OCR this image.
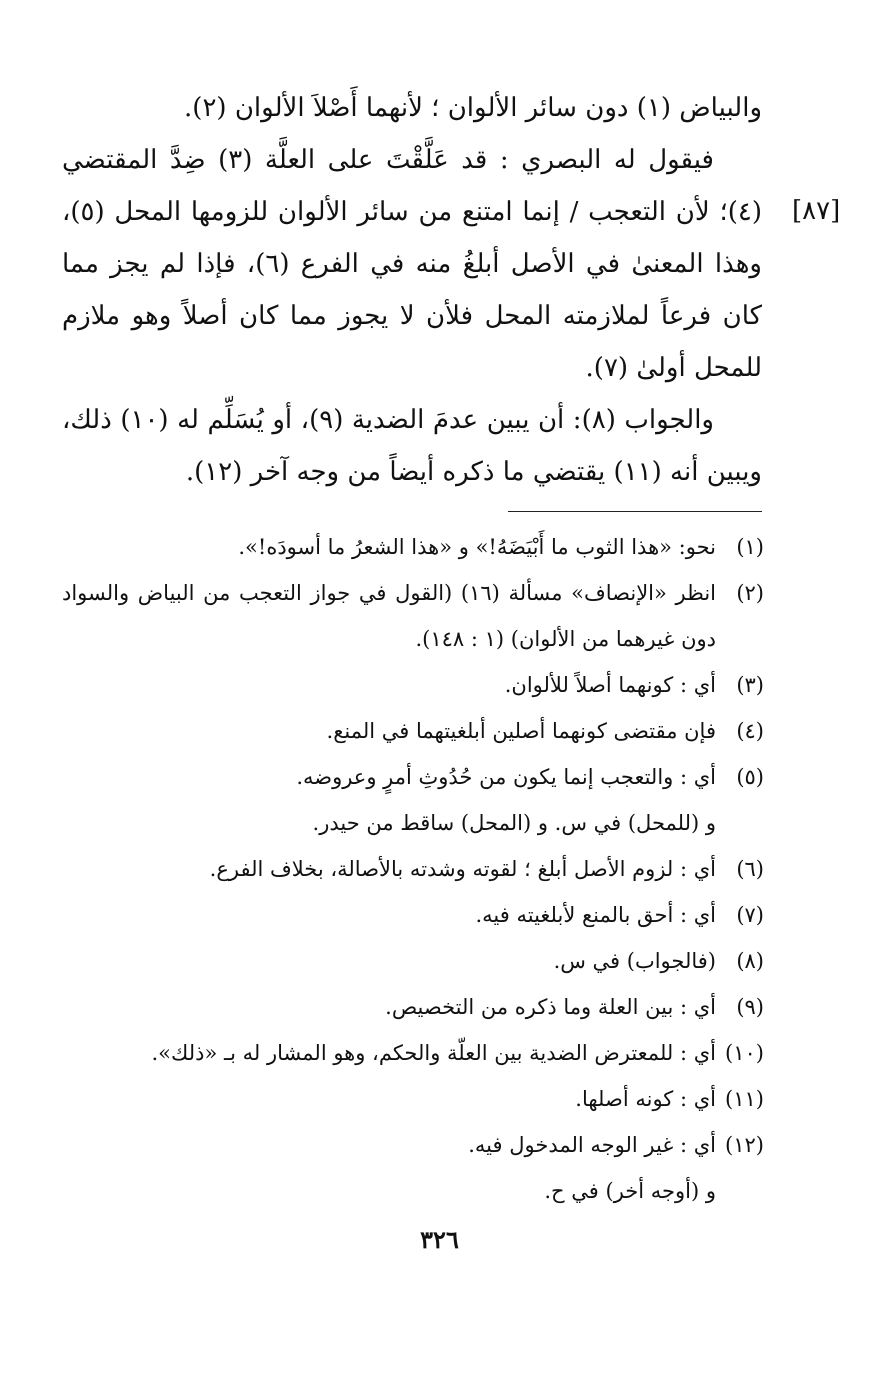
[٨٧]

والبياض (١) دون سائر الألوان ؛ لأنهما أَصْلاَ الألوان (٢).

فيقول له البصري : قد عَلَّقْتَ على العلَّة (٣) ضِدَّ المقتضي (٤)؛ لأن التعجب / إنما امتنع من سائر الألوان للزومها المحل (٥)، وهذا المعنىٰ في الأصل أبلغُ منه في الفرع (٦)، فإذا لم يجز مما كان فرعاً لملازمته المحل فلأن لا يجوز مما كان أصلاً وهو ملازم للمحل أولىٰ (٧).

والجواب (٨): أن يبين عدمَ الضدية (٩)، أو يُسَلِّم له (١٠) ذلك، ويبين أنه (١١) يقتضي ما ذكره أيضاً من وجه آخر (١٢).

(١)
نحو: «هذا الثوب ما أَبْيَضَهُ!» و «هذا الشعرُ ما أسودَه!».
(٢)
انظر «الإنصاف» مسألة (١٦) (القول في جواز التعجب من البياض والسواد دون غيرهما من الألوان) (١ : ١٤٨).
(٣)
أي : كونهما أصلاً للألوان.
(٤)
فإن مقتضى كونهما أصلين أبلغيتهما في المنع.
(٥)
أي : والتعجب إنما يكون من حُدُوثِ أمرٍ وعروضه.
و (للمحل) في س. و (المحل) ساقط من حيدر.
(٦)
أي : لزوم الأصل أبلغ ؛ لقوته وشدته بالأصالة، بخلاف الفرع.
(٧)
أي : أحق بالمنع لأبلغيته فيه.
(٨)
(فالجواب) في س.
(٩)
أي : بين العلة وما ذكره من التخصيص.
(١٠)
أي : للمعترض الضدية بين العلّة والحكم، وهو المشار له بـ «ذلك».
(١١)
أي : كونه أصلها.
(١٢)
أي : غير الوجه المدخول فيه.
و (أوجه أخر) في ح.
٣٢٦
